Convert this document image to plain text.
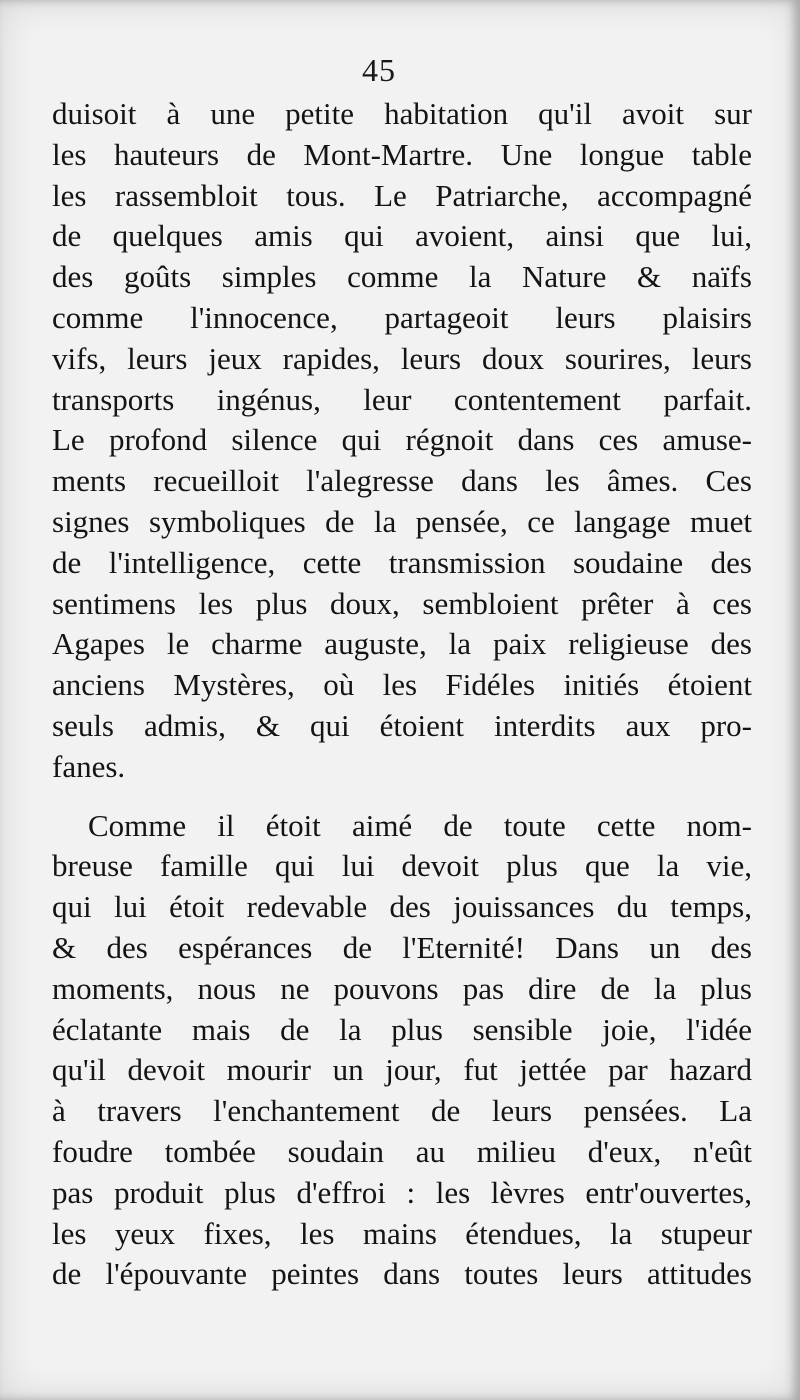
45
duisoit à une petite habitation qu'il avoit sur
les hauteurs de Mont-Martre. Une longue table
les rassembloit tous. Le Patriarche, accompagné
de quelques amis qui avoient, ainsi que lui,
des goûts simples comme la Nature & naïfs
comme l'innocence, partageoit leurs plaisirs
vifs, leurs jeux rapides, leurs doux sourires, leurs
transports ingénus, leur contentement parfait.
Le profond silence qui régnoit dans ces amuse-
ments recueilloit l'alegresse dans les âmes. Ces
signes symboliques de la pensée, ce langage muet
de l'intelligence, cette transmission soudaine des
sentimens les plus doux, sembloient prêter à ces
Agapes le charme auguste, la paix religieuse des
anciens Mystères, où les Fidéles initiés étoient
seuls admis, & qui étoient interdits aux pro-
fanes.
Comme il étoit aimé de toute cette nom-
breuse famille qui lui devoit plus que la vie,
qui lui étoit redevable des jouissances du temps,
& des espérances de l'Eternité! Dans un des
moments, nous ne pouvons pas dire de la plus
éclatante mais de la plus sensible joie, l'idée
qu'il devoit mourir un jour, fut jettée par hazard
à travers l'enchantement de leurs pensées. La
foudre tombée soudain au milieu d'eux, n'eût
pas produit plus d'effroi : les lèvres entr'ouvertes,
les yeux fixes, les mains étendues, la stupeur
de l'épouvante peintes dans toutes leurs attitudes
